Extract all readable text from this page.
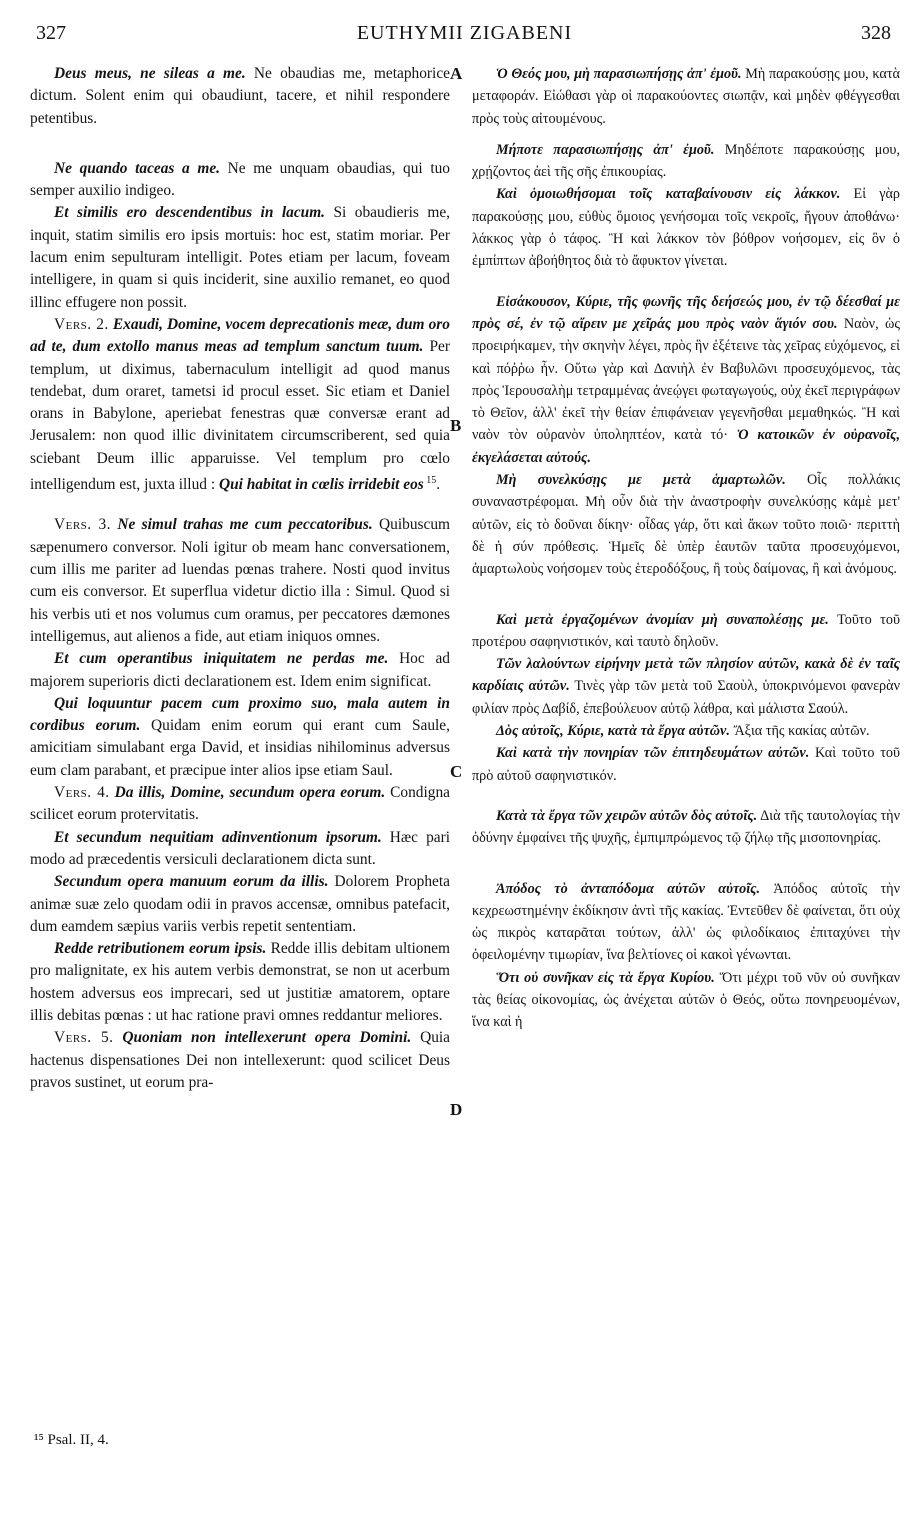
327	EUTHYMII ZIGABENI	328

Deus meus, ne sileas a me. Ne obaudias me, metaphorice dictum. Solent enim qui obaudiunt, tacere, et nihil respondere petentibus.

Ne quando taceas a me. Ne me unquam obaudias, qui tuo semper auxilio indigeo.

Et similis ero descendentibus in lacum. Si obaudieris me, inquit, statim similis ero ipsis mortuis: hoc est, statim moriar. Per lacum enim sepulturam intelligit. Potes etiam per lacum, foveam intelligere, in quam si quis inciderit, sine auxilio remanet, eo quod illinc effugere non possit.

Vers. 2. Exaudi, Domine, vocem deprecationis meæ, dum oro ad te, dum extollo manus meas ad templum sanctum tuum. Per templum, ut diximus, tabernaculum intelligit ad quod manus tendebat, dum oraret, tametsi id procul esset. Sic etiam et Daniel orans in Babylone, aperiebat fenestras quæ conversæ erant ad Jerusalem: non quod illic divinitatem circumscriberent, sed quia sciebant Deum illic apparuisse. Vel templum pro cœlo intelligendum est, juxta illud : Qui habitat in cœlis irridebit eos $^{15}$.

Vers. 3. Ne simul trahas me cum peccatoribus. Quibuscum sæpenumero conversor. Noli igitur ob meam hanc conversationem, cum illis me pariter ad luendas pœnas trahere. Nosti quod invitus cum eis conversor. Et superflua videtur dictio illa : Simul. Quod si his verbis uti et nos volumus cum oramus, per peccatores dæmones intelligemus, aut alienos a fide, aut etiam iniquos omnes.

Et cum operantibus iniquitatem ne perdas me. Hoc ad majorem superioris dicti declarationem est. Idem enim significat.

Qui loquuntur pacem cum proximo suo, mala autem in cordibus eorum. Quidam enim eorum qui erant cum Saule, amicitiam simulabant erga David, et insidias nihilominus adversus eum clam parabant, et præcipue inter alios ipse etiam Saul.

Vers. 4. Da illis, Domine, secundum opera eorum. Condigna scilicet eorum protervitatis.

Et secundum nequitiam adinventionum ipsorum. Hæc pari modo ad præcedentis versiculi declarationem dicta sunt.

Secundum opera manuum eorum da illis. Dolorem Propheta animæ suæ zelo quodam odii in pravos accensæ, omnibus patefacit, dum eamdem sæpius variis verbis repetit sententiam.

Redde retributionem eorum ipsis. Redde illis debitam ultionem pro malignitate, ex his autem verbis demonstrat, se non ut acerbum hostem adversus eos imprecari, sed ut justitiæ amatorem, optare illis debitas pœnas : ut hac ratione pravi omnes reddantur meliores.

Vers. 5. Quoniam non intellexerunt opera Domini. Quia hactenus dispensationes Dei non intellexerunt: quod scilicet Deus pravos sustinet, ut eorum pra-

A
B
C
D

Ὁ Θεός μου, μὴ παρασιωπήσῃς ἀπ' ἐμοῦ. Μὴ παρακούσῃς μου, κατὰ μεταφοράν. Εἰώθασι γὰρ οἱ παρακούοντες σιωπᾷν, καὶ μηδὲν φθέγγεσθαι πρὸς τοὺς αἰτουμένους.

Μήποτε παρασιωπήσῃς ἀπ' ἐμοῦ. Μηδέποτε παρακούσῃς μου, χρῄζοντος ἀεὶ τῆς σῆς ἐπικουρίας.

Καὶ ὁμοιωθήσομαι τοῖς καταβαίνουσιν εἰς λάκκον. Εἰ γὰρ παρακούσῃς μου, εὐθὺς ὅμοιος γενήσομαι τοῖς νεκροῖς, ἤγουν ἀποθάνω· λάκκος γὰρ ὁ τάφος. Ἢ καὶ λάκκον τὸν βόθρον νοήσομεν, εἰς ὃν ὁ ἐμπίπτων ἀβοήθητος διὰ τὸ ἄφυκτον γίνεται.

Εἰσάκουσον, Κύριε, τῆς φωνῆς τῆς δεήσεώς μου, ἐν τῷ δέεσθαί με πρὸς σέ, ἐν τῷ αἴρειν με χεῖράς μου πρὸς ναὸν ἅγιόν σου. Ναὸν, ὡς προειρήκαμεν, τὴν σκηνὴν λέγει, πρὸς ἣν ἐξέτεινε τὰς χεῖρας εὐχόμενος, εἰ καὶ πόῤῥω ἦν. Οὕτω γὰρ καὶ Δανιὴλ ἐν Βαβυλῶνι προσευχόμενος, τὰς πρὸς Ἱερουσαλὴμ τετραμμένας ἀνεῴγει φωταγωγούς, οὐχ ἐκεῖ περιγράφων τὸ Θεῖον, ἀλλ' ἐκεῖ τὴν θείαν ἐπιφάνειαν γεγενῆσθαι μεμαθηκώς. Ἢ καὶ ναὸν τὸν οὐρανὸν ὑποληπτέον, κατὰ τό· Ὁ κατοικῶν ἐν οὐρανοῖς, ἐκγελάσεται αὐτούς.

Μὴ συνελκύσῃς με μετὰ ἁμαρτωλῶν. Οἷς πολλάκις συναναστρέφομαι. Μὴ οὖν διὰ τὴν ἀναστροφὴν συνελκύσῃς κἀμὲ μετ' αὐτῶν, εἰς τὸ δοῦναι δίκην· οἶδας γάρ, ὅτι καὶ ἄκων τοῦτο ποιῶ· περιττὴ δὲ ἡ σύν πρόθεσις. Ἡμεῖς δὲ ὑπὲρ ἑαυτῶν ταῦτα προσευχόμενοι, ἁμαρτωλοὺς νοήσομεν τοὺς ἑτεροδόξους, ἢ τοὺς δαίμονας, ἢ καὶ ἀνόμους.

Καὶ μετὰ ἐργαζομένων ἀνομίαν μὴ συναπολέσῃς με. Τοῦτο τοῦ προτέρου σαφηνιστικόν, καὶ ταυτὸ δηλοῦν.

Τῶν λαλούντων εἰρήνην μετὰ τῶν πλησίον αὐτῶν, κακὰ δὲ ἐν ταῖς καρδίαις αὐτῶν. Τινὲς γὰρ τῶν μετὰ τοῦ Σαοὺλ, ὑποκρινόμενοι φανερὰν φιλίαν πρὸς Δαβίδ, ἐπεβούλευον αὐτῷ λάθρα, καὶ μάλιστα Σαούλ.

Δὸς αὐτοῖς, Κύριε, κατὰ τὰ ἔργα αὐτῶν. Ἄξια τῆς κακίας αὐτῶν.

Καὶ κατὰ τὴν πονηρίαν τῶν ἐπιτηδευμάτων αὐτῶν. Καὶ τοῦτο τοῦ πρὸ αὐτοῦ σαφηνιστικόν.

Κατὰ τὰ ἔργα τῶν χειρῶν αὐτῶν δὸς αὐτοῖς. Διὰ τῆς ταυτολογίας τὴν ὀδύνην ἐμφαίνει τῆς ψυχῆς, ἐμπιμπρώμενος τῷ ζήλῳ τῆς μισοπονηρίας.

Ἀπόδος τὸ ἀνταπόδομα αὐτῶν αὐτοῖς. Ἀπόδος αὐτοῖς τὴν κεχρεωστημένην ἐκδίκησιν ἀντὶ τῆς κακίας. Ἐντεῦθεν δὲ φαίνεται, ὅτι οὐχ ὡς πικρὸς καταρᾶται τούτων, ἀλλ' ὡς φιλοδίκαιος ἐπιταχύνει τὴν ὀφειλομένην τιμωρίαν, ἵνα βελτίονες οἱ κακοὶ γένωνται.

Ὅτι οὐ συνῆκαν εἰς τὰ ἔργα Κυρίου. Ὅτι μέχρι τοῦ νῦν οὐ συνῆκαν τὰς θείας οἰκονομίας, ὡς ἀνέχεται αὐτῶν ὁ Θεός, οὕτω πονηρευομένων, ἵνα καὶ ἡ

¹⁵ Psal. II, 4.
